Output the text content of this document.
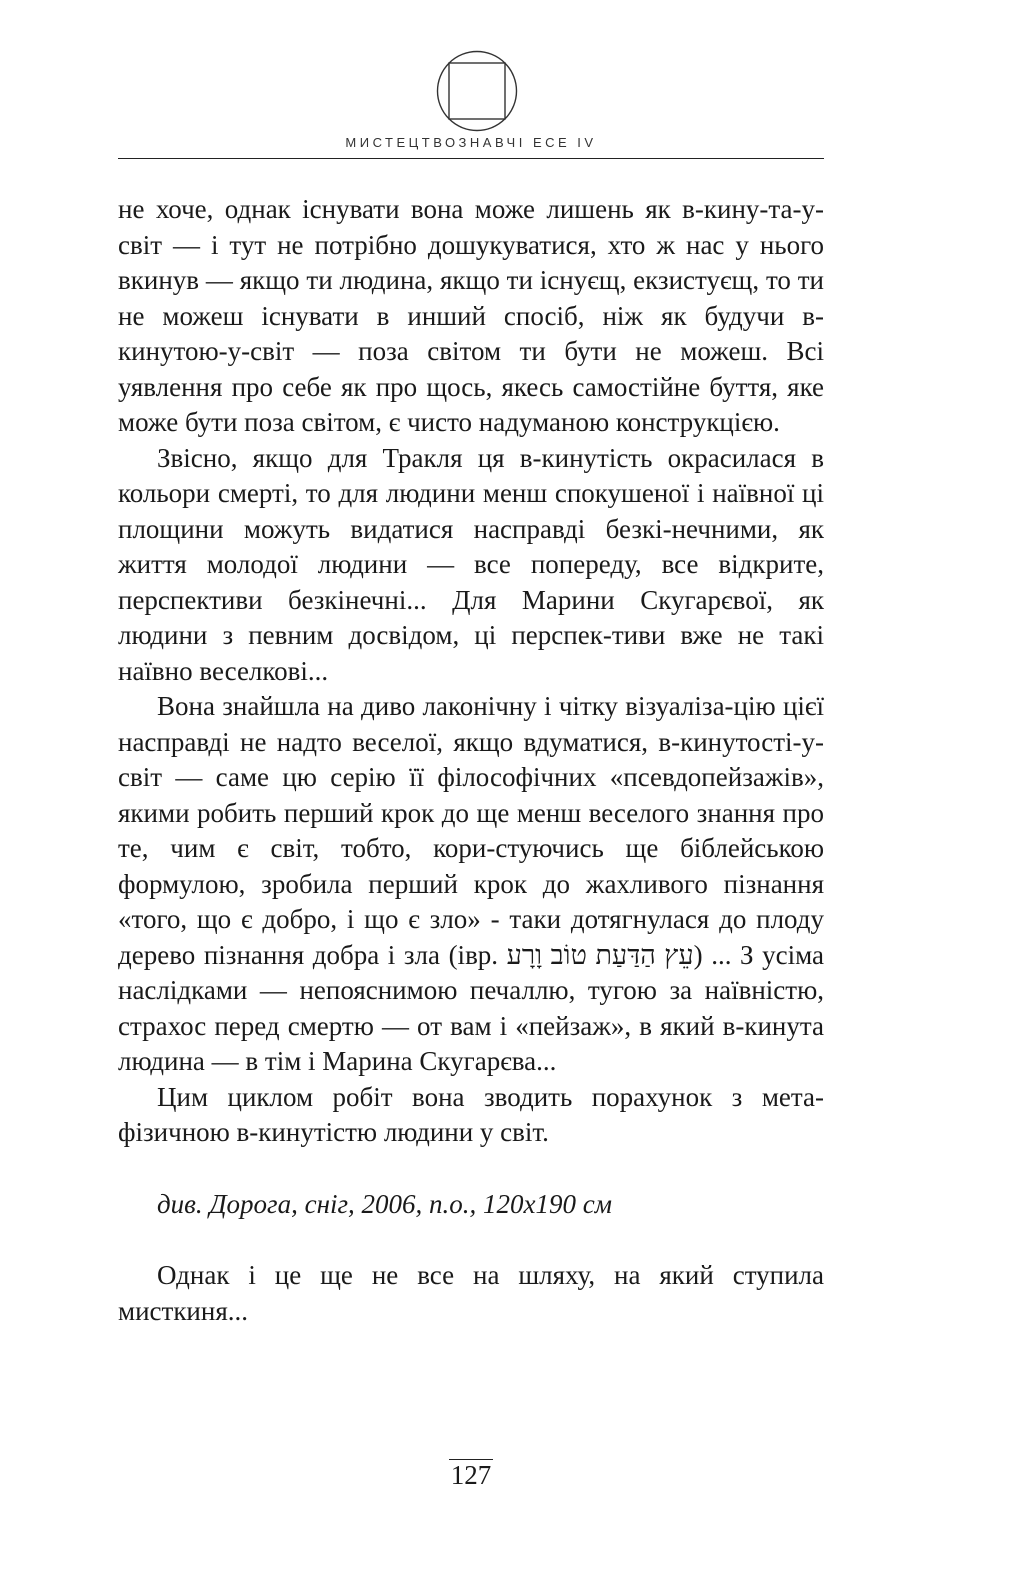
МИСТЕЦТВОЗНАВЧІ ЕСЕ IV

не хоче, однак існувати вона може лишень як в-кину-та-у-світ — і тут не потрібно дошукуватися, хто ж нас у нього вкинув — якщо ти людина, якщо ти існуєщ, екзистуєщ, то ти не можеш існувати в инший спосіб, ніж як будучи в-кинутою-у-світ — поза світом ти бути не можеш. Всі уявлення про себе як про щось, якесь самостійне буття, яке може бути поза світом, є чисто надуманою конструкцією.

Звісно, якщо для Тракля ця в-кинутість окрасилася в кольори смерті, то для людини менш спокушеної і наївної ці площини можуть видатися насправді безкі-нечними, як життя молодої людини — все попереду, все відкрите, перспективи безкінечні... Для Марини Скугарєвої, як людини з певним досвідом, ці перспек-тиви вже не такі наївно веселкові...

Вона знайшла на диво лаконічну і чітку візуаліза-цію цієї насправді не надто веселої, якщо вдуматися, в-кинутості-у-світ — саме цю серію її філософічних «псевдопейзажів», якими робить перший крок до ще менш веселого знання про те, чим є світ, тобто, кори-стуючись ще біблейською формулою, зробила перший крок до жахливого пізнання «того, що є добро, і що є зло» - таки дотягнулася до плоду дерево пізнання добра і зла (івр. עֵץ הַדַּעַת טוֹב וָרָע) ... З усіма наслідками — непояснимою печаллю, тугою за наївністю, страхос перед смертю — от вам і «пейзаж», в який в-кинута людина — в тім і Марина Скугарєва...

Цим циклом робіт вона зводить порахунок з мета-фізичною в-кинутістю людини у світ.

див. Дорога, сніг, 2006, п.о., 120x190 см

Однак і це ще не все на шляху, на який ступила мисткиня...

127
